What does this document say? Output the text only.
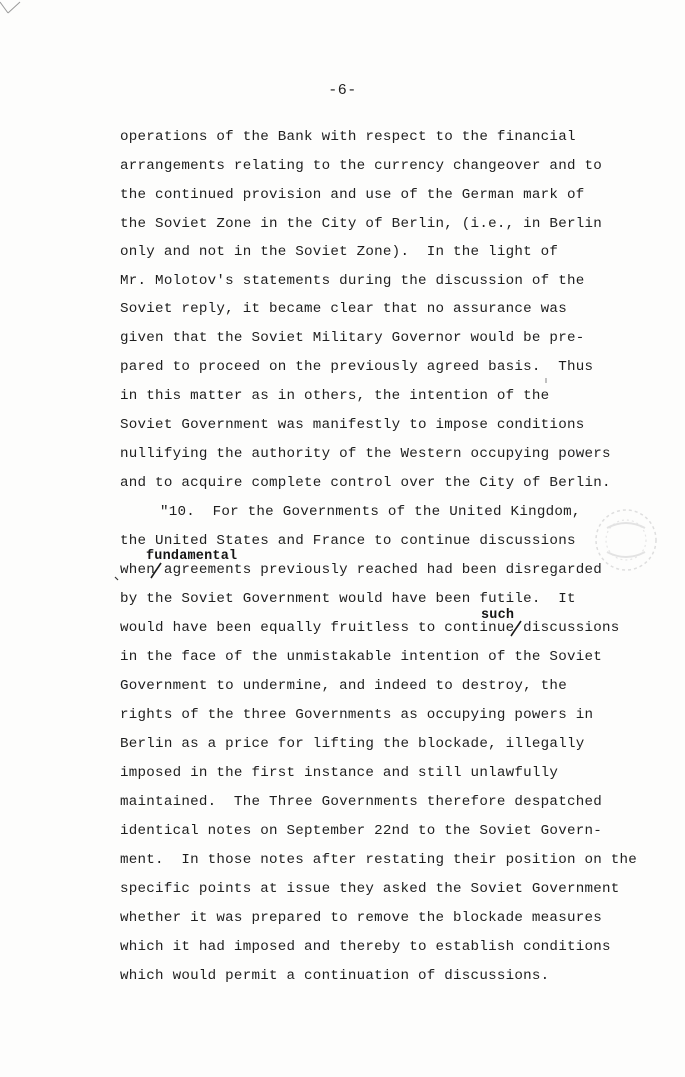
-6-
operations of the Bank with respect to the financial
arrangements relating to the currency changeover and to
the continued provision and use of the German mark of
the Soviet Zone in the City of Berlin, (i.e., in Berlin
only and not in the Soviet Zone).  In the light of
Mr. Molotov's statements during the discussion of the
Soviet reply, it became clear that no assurance was
given that the Soviet Military Governor would be pre-
pared to proceed on the previously agreed basis.  Thus
in this matter as in others, the intention of the
Soviet Government was manifestly to impose conditions
nullifying the authority of the Western occupying powers
and to acquire complete control over the City of Berlin.
"10.  For the Governments of the United Kingdom,
the United States and France to continue discussions
when agreements previously reached had been disregarded
by the Soviet Government would have been futile.  It
would have been equally fruitless to continue discussions
in the face of the unmistakable intention of the Soviet
Government to undermine, and indeed to destroy, the
rights of the three Governments as occupying powers in
Berlin as a price for lifting the blockade, illegally
imposed in the first instance and still unlawfully
maintained.  The Three Governments therefore despatched
identical notes on September 22nd to the Soviet Govern-
ment.  In those notes after restating their position on the
specific points at issue they asked the Soviet Government
whether it was prepared to remove the blockade measures
which it had imposed and thereby to establish conditions
which would permit a continuation of discussions.
fundamental
such
